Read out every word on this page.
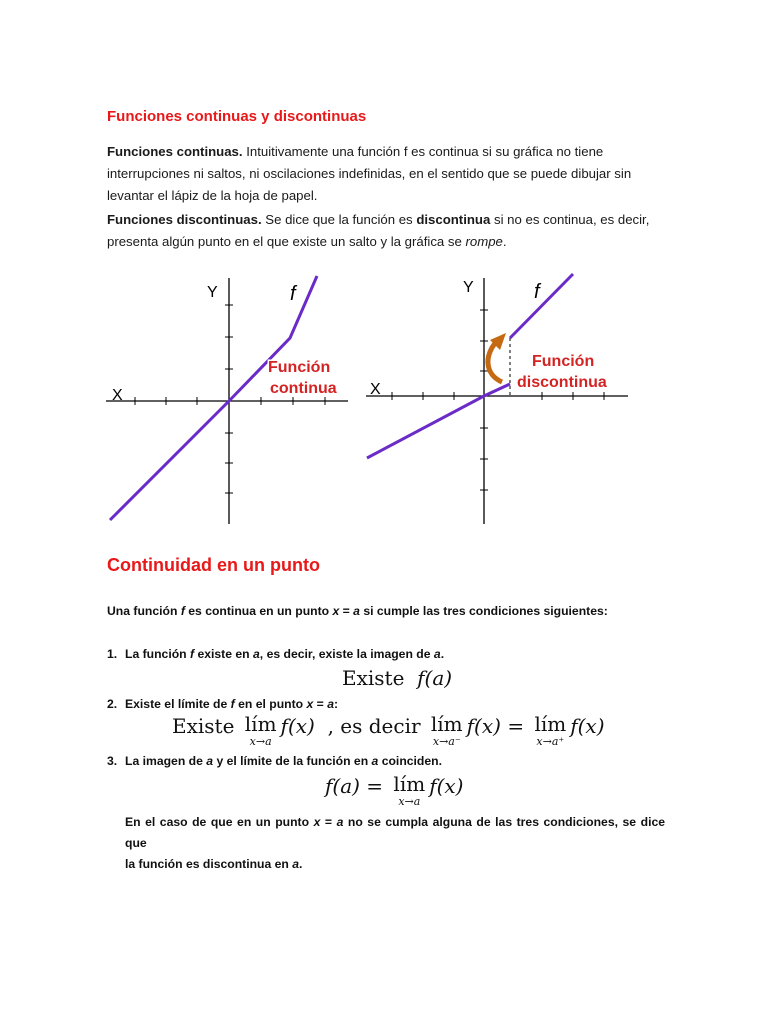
Funciones continuas y discontinuas
Funciones continuas. Intuitivamente una función f es continua si su gráfica no tiene
interrupciones ni saltos, ni oscilaciones indefinidas, en el sentido que se puede dibujar sin
levantar el lápiz de la hoja de papel.
Funciones discontinuas. Se dice que la función es discontinua si no es continua, es decir,
presenta algún punto en el que existe un salto y la gráfica se rompe.
Y
X
f
Función
continua
Y
X
f
Función
discontinua
Continuidad en un punto
Una función f es continua en un punto x = a si cumple las tres condiciones siguientes:
1. La función f existe en a, es decir, existe la imagen de a.
Existe f(a)
2. Existe el límite de f en el punto x = a:
Existe lím
x→a
f(x) , es decir lím
x→a⁻
f(x) = lím
x→a⁺
f(x)
3. La imagen de a y el límite de la función en a coinciden.
f(a) = lím
x→a
f(x)
En el caso de que en un punto x = a no se cumpla alguna de las tres condiciones, se dice que
la función es discontinua en a.
